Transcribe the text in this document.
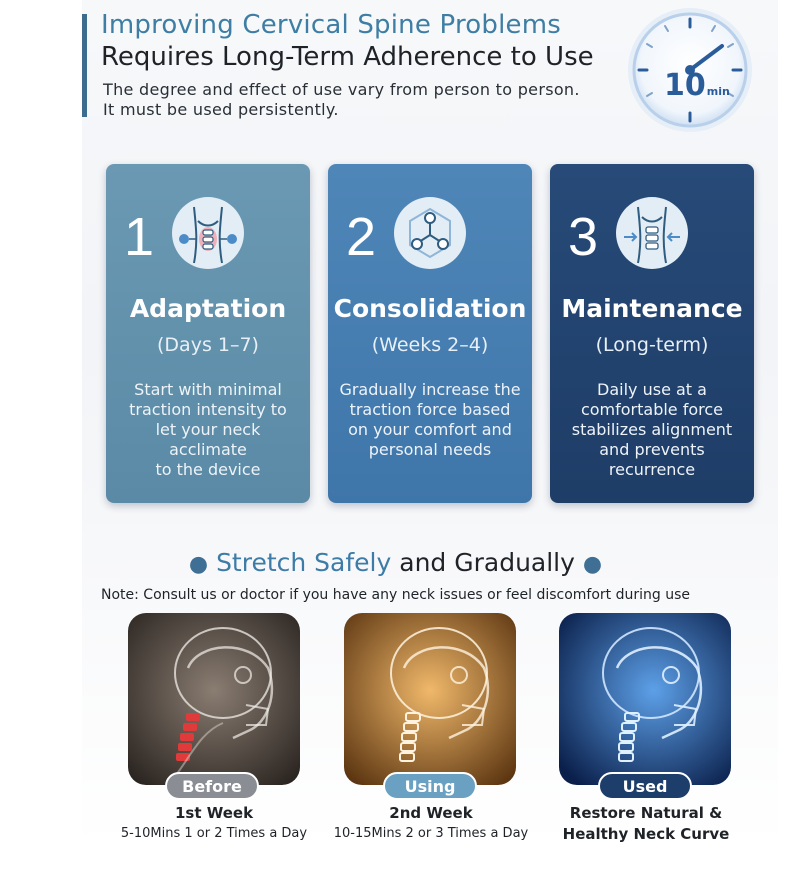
Improving Cervical Spine Problems
Requires Long-Term Adherence to Use
The degree and effect of use vary from person to person.
It must be used persistently.
10min
1
Adaptation
(Days 1–7)
Start with minimal
traction intensity to
let your neck
acclimate
to the device
2
Consolidation
(Weeks 2–4)
Gradually increase the
traction force based
on your comfort and
personal needs
3
Maintenance
(Long-term)
Daily use at a
comfortable force
stabilizes alignment
and prevents
recurrence
● Stretch Safely and Gradually ●
Note: Consult us or doctor if you have any neck issues or feel discomfort during use
Before	Using	Used
1st Week
5-10Mins 1 or 2 Times a Day
2nd Week
10-15Mins 2 or 3 Times a Day
Restore Natural &
Healthy Neck Curve
